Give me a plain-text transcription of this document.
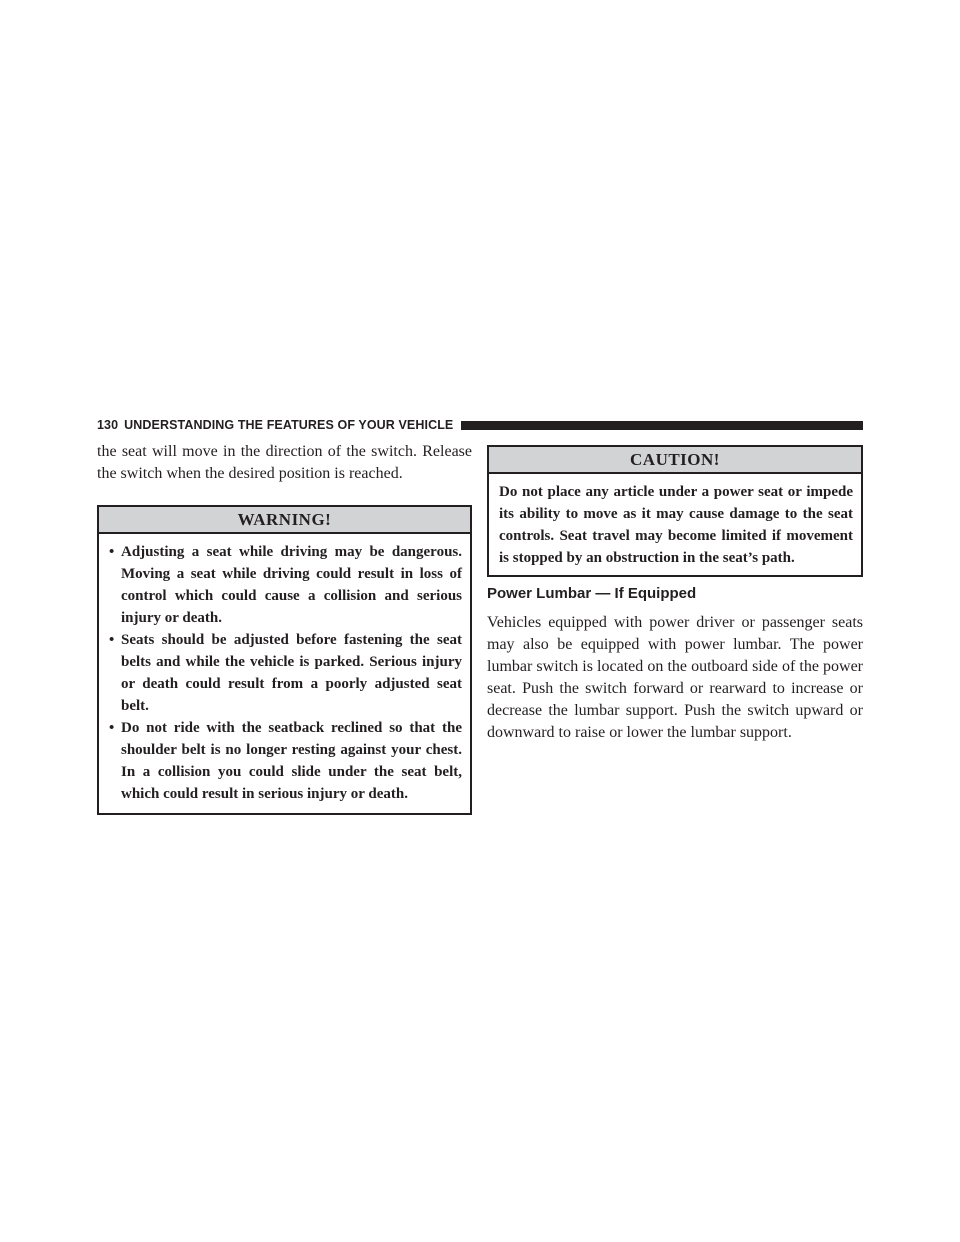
130 UNDERSTANDING THE FEATURES OF YOUR VEHICLE

the seat will move in the direction of the switch. Release the switch when the desired position is reached.

WARNING!
• Adjusting a seat while driving may be dangerous. Moving a seat while driving could result in loss of control which could cause a collision and serious injury or death.
• Seats should be adjusted before fastening the seat belts and while the vehicle is parked. Serious injury or death could result from a poorly adjusted seat belt.
• Do not ride with the seatback reclined so that the shoulder belt is no longer resting against your chest. In a collision you could slide under the seat belt, which could result in serious injury or death.
CAUTION!

Do not place any article under a power seat or impede its ability to move as it may cause damage to the seat controls. Seat travel may become limited if movement is stopped by an obstruction in the seat’s path.

Power Lumbar — If Equipped

Vehicles equipped with power driver or passenger seats may also be equipped with power lumbar. The power lumbar switch is located on the outboard side of the power seat. Push the switch forward or rearward to increase or decrease the lumbar support. Push the switch upward or downward to raise or lower the lumbar support.
